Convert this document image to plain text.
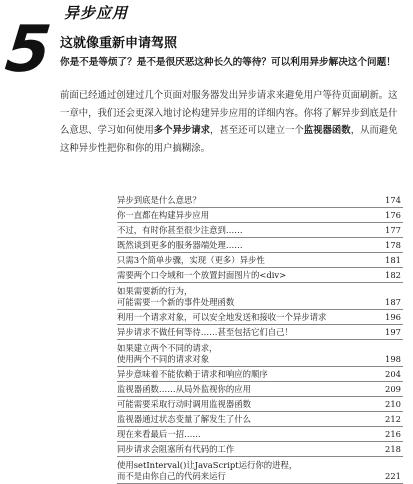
5 异步应用
这就像重新申请驾照
你是不是等烦了？是不是很厌恶这种长久的等待？可以利用异步解决这个问题！
前面已经通过创建过几个页面对服务器发出异步请求来避免用户等待页面刷新。这一章中，我们还会更深入地讨论构建异步应用的详细内容。你将了解异步到底是什么意思、学习如何使用多个异步请求，甚至还可以建立一个监视器函数，从而避免这种异步性把你和你的用户搞糊涂。
异步到底是什么意思？	174
你一直都在构建异步应用	176
不过，有时你甚至很少注意到……	177
既然谈到更多的服务器端处理……	178
只需3个简单步骤，实现（更多）异步性	181
需要两个口令域和一个放置封面图片的<div>	182
如果需要新的行为，
可能需要一个新的事件处理函数	187
利用一个请求对象，可以安全地发送和接收一个异步请求	196
异步请求不做任何等待……甚至包括它们自己！	197
如果建立两个不同的请求，
使用两个不同的请求对象	198
异步意味着不能依赖于请求和响应的顺序	204
监视器函数……从局外监视你的应用	209
可能需要采取行动时调用监视器函数	210
监视器通过状态变量了解发生了什么	212
现在来看最后一招……	216
同步请求会阻塞所有代码的工作	218
使用setInterval()让JavaScript运行你的进程，
而不是由你自己的代码来运行	221
